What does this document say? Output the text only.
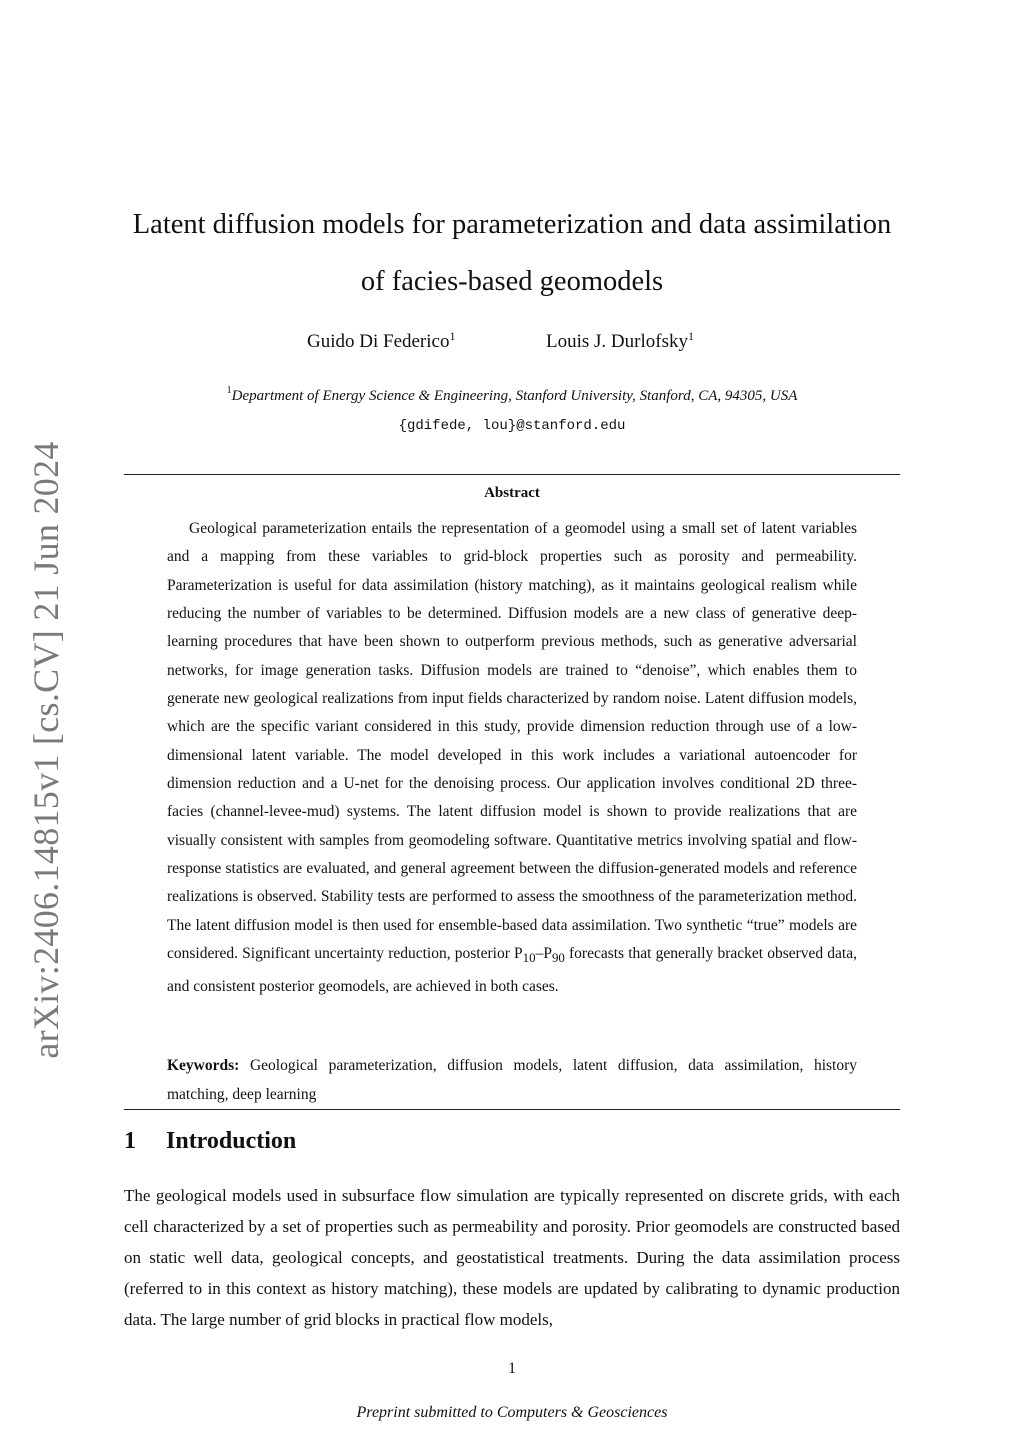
arXiv:2406.14815v1 [cs.CV] 21 Jun 2024
Latent diffusion models for parameterization and data assimilation of facies-based geomodels
Guido Di Federico$^1$	Louis J. Durlofsky$^1$
$^1$Department of Energy Science & Engineering, Stanford University, Stanford, CA, 94305, USA
{gdifede, lou}@stanford.edu
Abstract

Geological parameterization entails the representation of a geomodel using a small set of latent variables and a mapping from these variables to grid-block properties such as porosity and permeability. Parameterization is useful for data assimilation (history matching), as it maintains geological realism while reducing the number of variables to be determined. Diffusion models are a new class of generative deep-learning procedures that have been shown to outperform previous methods, such as generative adversarial networks, for image generation tasks. Diffusion models are trained to “denoise”, which enables them to generate new geological realizations from input fields characterized by random noise. Latent diffusion models, which are the specific variant considered in this study, provide dimension reduction through use of a low-dimensional latent variable. The model developed in this work includes a variational autoencoder for dimension reduction and a U-net for the denoising process. Our application involves conditional 2D three-facies (channel-levee-mud) systems. The latent diffusion model is shown to provide realizations that are visually consistent with samples from geomodeling software. Quantitative metrics involving spatial and flow-response statistics are evaluated, and general agreement between the diffusion-generated models and reference realizations is observed. Stability tests are performed to assess the smoothness of the parameterization method. The latent diffusion model is then used for ensemble-based data assimilation. Two synthetic “true” models are considered. Significant uncertainty reduction, posterior $P_{10}-P_{90}$ forecasts that generally bracket observed data, and consistent posterior geomodels, are achieved in both cases.

Keywords: Geological parameterization, diffusion models, latent diffusion, data assimilation, history matching, deep learning

1 Introduction

The geological models used in subsurface flow simulation are typically represented on discrete grids, with each cell characterized by a set of properties such as permeability and porosity. Prior geomodels are constructed based on static well data, geological concepts, and geostatistical treatments. During the data assimilation process (referred to in this context as history matching), these models are updated by calibrating to dynamic production data. The large number of grid blocks in practical flow models,

1
Preprint submitted to Computers & Geosciences
